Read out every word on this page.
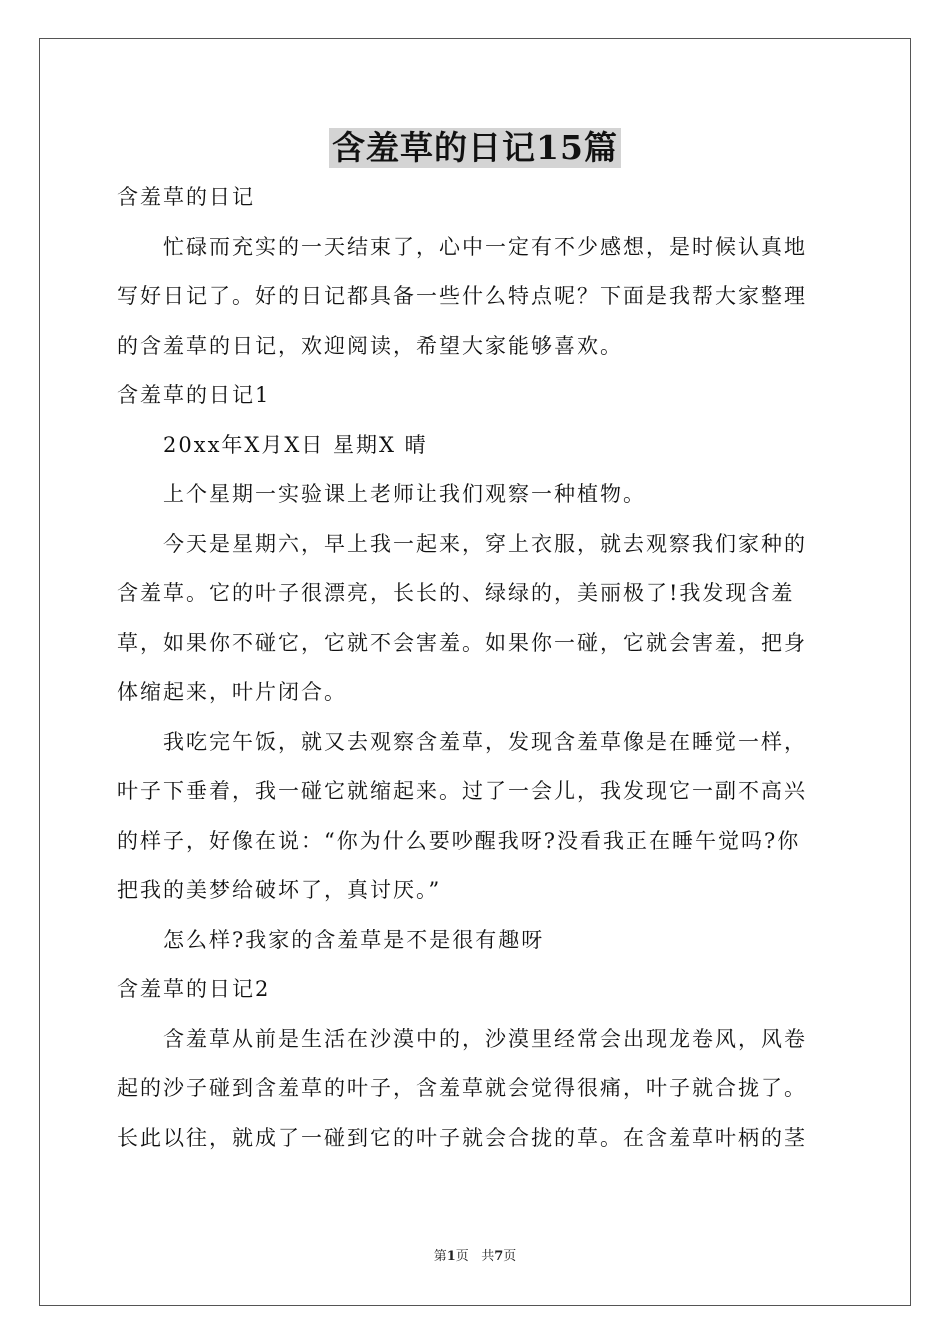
含羞草的日记15篇
含羞草的日记
忙碌而充实的一天结束了，心中一定有不少感想，是时候认真地
写好日记了。好的日记都具备一些什么特点呢？下面是我帮大家整理
的含羞草的日记，欢迎阅读，希望大家能够喜欢。
含羞草的日记1
20xx年X月X日 星期X 晴
上个星期一实验课上老师让我们观察一种植物。
今天是星期六，早上我一起来，穿上衣服，就去观察我们家种的
含羞草。它的叶子很漂亮，长长的、绿绿的，美丽极了!我发现含羞
草，如果你不碰它，它就不会害羞。如果你一碰，它就会害羞，把身
体缩起来，叶片闭合。
我吃完午饭，就又去观察含羞草，发现含羞草像是在睡觉一样，
叶子下垂着，我一碰它就缩起来。过了一会儿，我发现它一副不高兴
的样子，好像在说：“你为什么要吵醒我呀?没看我正在睡午觉吗?你
把我的美梦给破坏了，真讨厌。”
怎么样?我家的含羞草是不是很有趣呀
含羞草的日记2
含羞草从前是生活在沙漠中的，沙漠里经常会出现龙卷风，风卷
起的沙子碰到含羞草的叶子，含羞草就会觉得很痛，叶子就合拢了。
长此以往，就成了一碰到它的叶子就会合拢的草。在含羞草叶柄的茎
第1页 共7页
